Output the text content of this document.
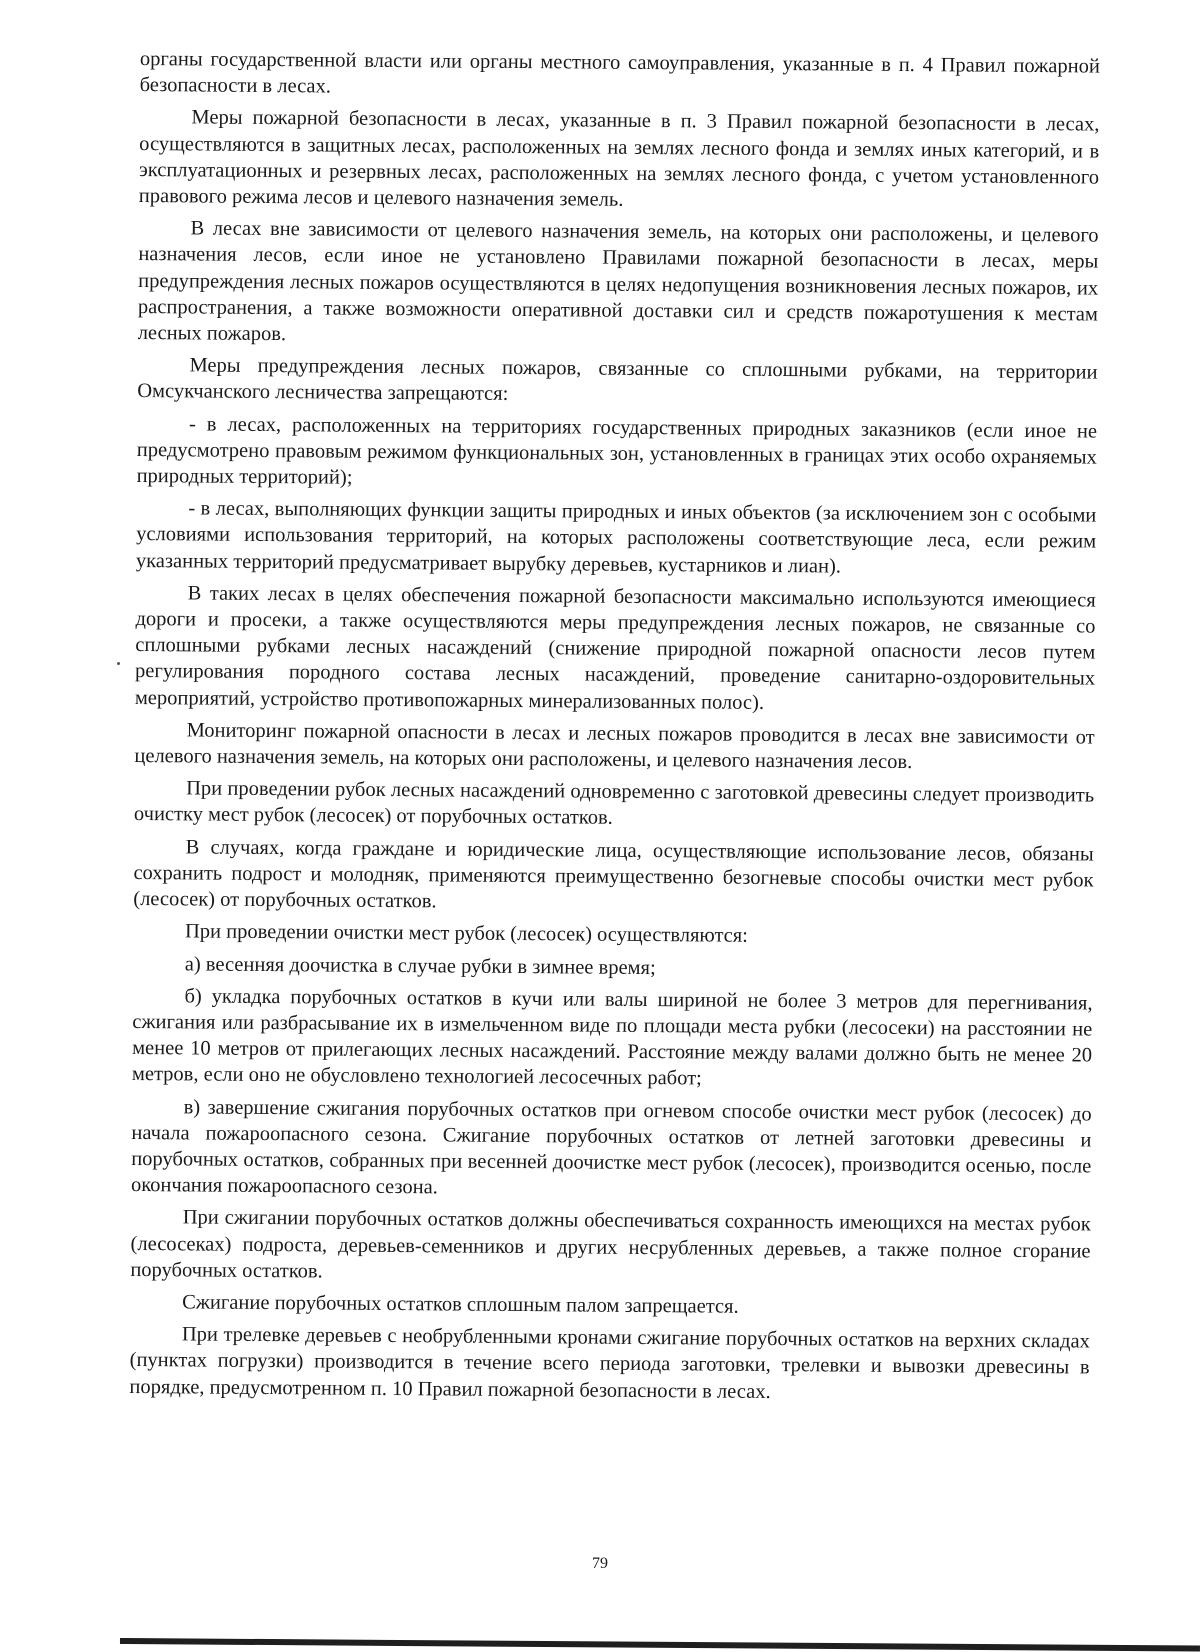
органы государственной власти или органы местного самоуправления, указанные в п. 4 Правил пожарной безопасности в лесах.

Меры пожарной безопасности в лесах, указанные в п. 3 Правил пожарной безопасности в лесах, осуществляются в защитных лесах, расположенных на землях лесного фонда и землях иных категорий, и в эксплуатационных и резервных лесах, расположенных на землях лесного фонда, с учетом установленного правового режима лесов и целевого назначения земель.

В лесах вне зависимости от целевого назначения земель, на которых они расположены, и целевого назначения лесов, если иное не установлено Правилами пожарной безопасности в лесах, меры предупреждения лесных пожаров осуществляются в целях недопущения возникновения лесных пожаров, их распространения, а также возможности оперативной доставки сил и средств пожаротушения к местам лесных пожаров.

Меры предупреждения лесных пожаров, связанные со сплошными рубками, на территории Омсукчанского лесничества запрещаются:

- в лесах, расположенных на территориях государственных природных заказников (если иное не предусмотрено правовым режимом функциональных зон, установленных в границах этих особо охраняемых природных территорий);

- в лесах, выполняющих функции защиты природных и иных объектов (за исключением зон с особыми условиями использования территорий, на которых расположены соответствующие леса, если режим указанных территорий предусматривает вырубку деревьев, кустарников и лиан).

В таких лесах в целях обеспечения пожарной безопасности максимально используются имеющиеся дороги и просеки, а также осуществляются меры предупреждения лесных пожаров, не связанные со сплошными рубками лесных насаждений (снижение природной пожарной опасности лесов путем регулирования породного состава лесных насаждений, проведение санитарно-оздоровительных мероприятий, устройство противопожарных минерализованных полос).

Мониторинг пожарной опасности в лесах и лесных пожаров проводится в лесах вне зависимости от целевого назначения земель, на которых они расположены, и целевого назначения лесов.

При проведении рубок лесных насаждений одновременно с заготовкой древесины следует производить очистку мест рубок (лесосек) от порубочных остатков.

В случаях, когда граждане и юридические лица, осуществляющие использование лесов, обязаны сохранить подрост и молодняк, применяются преимущественно безогневые способы очистки мест рубок (лесосек) от порубочных остатков.

При проведении очистки мест рубок (лесосек) осуществляются:

а) весенняя доочистка в случае рубки в зимнее время;

б) укладка порубочных остатков в кучи или валы шириной не более 3 метров для перегнивания, сжигания или разбрасывание их в измельченном виде по площади места рубки (лесосеки) на расстоянии не менее 10 метров от прилегающих лесных насаждений. Расстояние между валами должно быть не менее 20 метров, если оно не обусловлено технологией лесосечных работ;

в) завершение сжигания порубочных остатков при огневом способе очистки мест рубок (лесосек) до начала пожароопасного сезона. Сжигание порубочных остатков от летней заготовки древесины и порубочных остатков, собранных при весенней доочистке мест рубок (лесосек), производится осенью, после окончания пожароопасного сезона.

При сжигании порубочных остатков должны обеспечиваться сохранность имеющихся на местах рубок (лесосеках) подроста, деревьев-семенников и других несрубленных деревьев, а также полное сгорание порубочных остатков.

Сжигание порубочных остатков сплошным палом запрещается.

При трелевке деревьев с необрубленными кронами сжигание порубочных остатков на верхних складах (пунктах погрузки) производится в течение всего периода заготовки, трелевки и вывозки древесины в порядке, предусмотренном п. 10 Правил пожарной безопасности в лесах.

79
